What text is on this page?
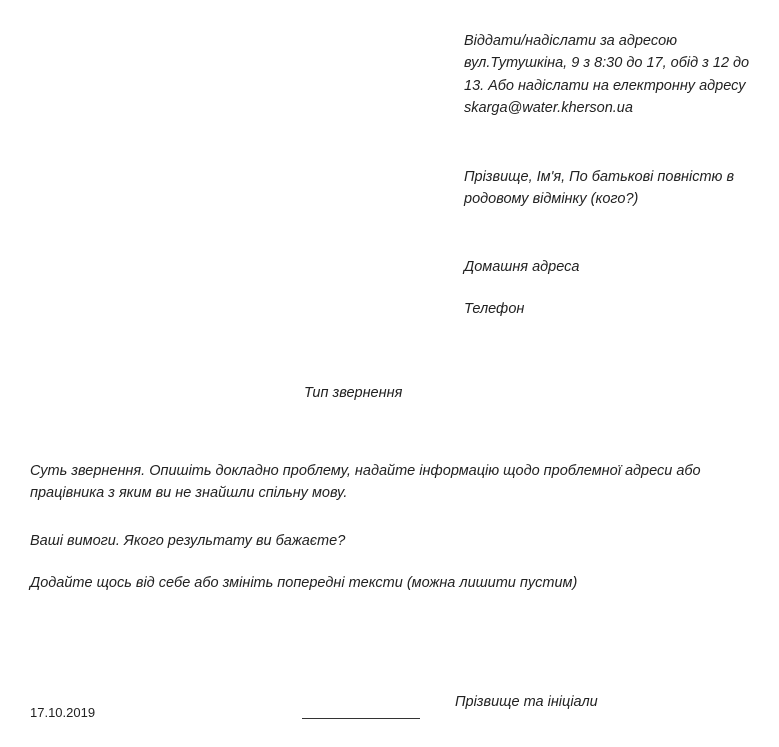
Віддати/надіслати за адресою вул.Тутушкіна, 9 з 8:30 до 17, обід з 12 до 13. Або надіслати на електронну адресу skarga@water.kherson.ua
Прізвище, Ім'я, По батькові повністю в родовому відмінку (кого?)
Домашня адреса
Телефон
Тип звернення
Суть звернення. Опишіть докладно проблему, надайте інформацію щодо проблемної адреси або працівника з яким ви не знайшли спільну мову.
Ваші вимоги. Якого результату ви бажаєте?
Додайте щось від себе або змініть попередні тексти (можна лишити пустим)
17.10.2019
Прізвище та ініціали
